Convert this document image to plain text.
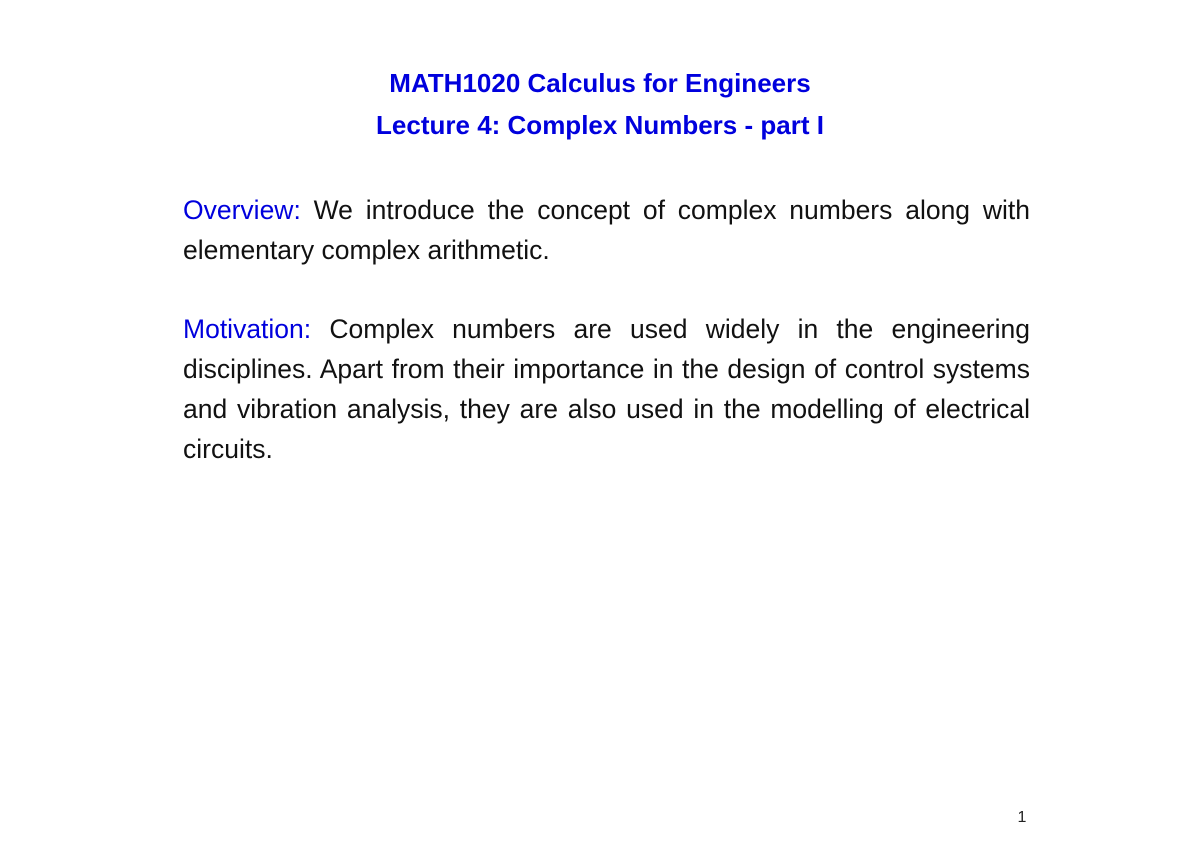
MATH1020 Calculus for Engineers
Lecture 4: Complex Numbers - part I

Overview: We introduce the concept of complex numbers along with elementary complex arithmetic.

Motivation: Complex numbers are used widely in the engineering disciplines. Apart from their importance in the design of control systems and vibration analysis, they are also used in the modelling of electrical circuits.

1
